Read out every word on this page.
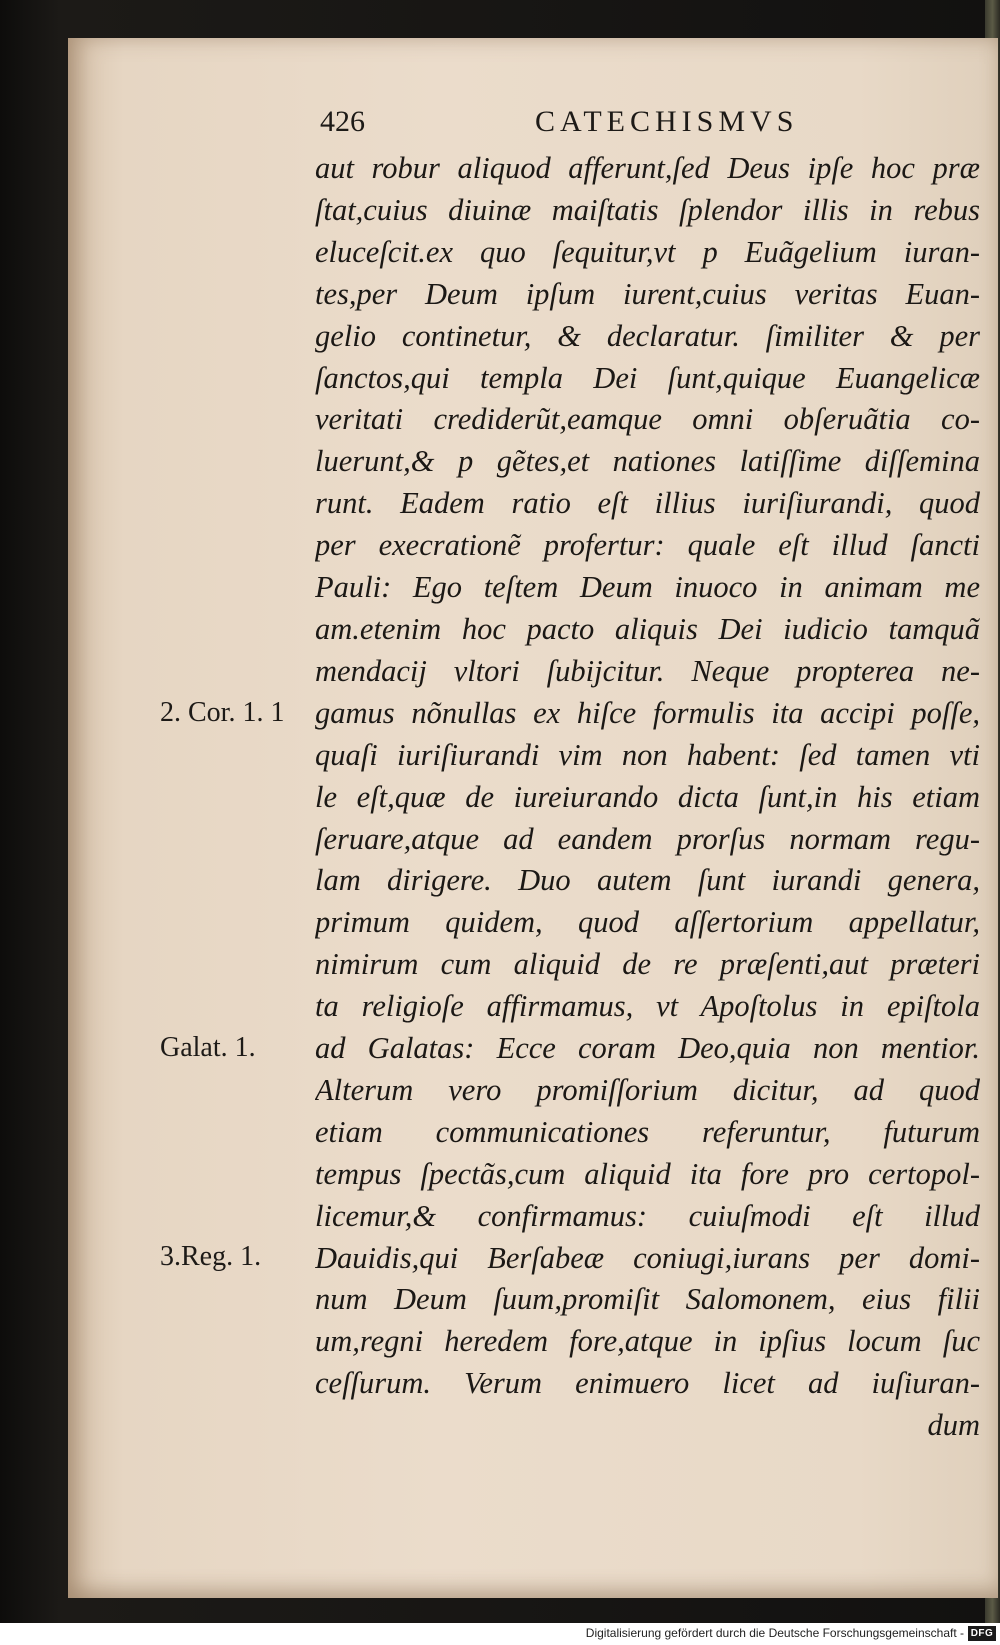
426	CATECHISMVS
aut robur aliquod afferunt,ſed Deus ipſe hoc præ
ſtat,cuius diuinæ maiſtatis ſplendor illis in rebus
eluceſcit.ex quo ſequitur,vt p Euãgelium iuran-
tes,per Deum ipſum iurent,cuius veritas Euan-
gelio continetur, & declaratur. ſimiliter & per
ſanctos,qui templa Dei ſunt,quique Euangelicæ
veritati crediderũt,eamque omni obſeruãtia co-
luerunt,& p gẽtes,et nationes latiſſime diſſemina
runt. Eadem ratio eſt illius iuriſiurandi, quod
per execrationẽ profertur: quale eſt illud ſancti
Pauli: Ego teſtem Deum inuoco in animam me
am.etenim hoc pacto aliquis Dei iudicio tamquã
mendacij vltori ſubijcitur. Neque propterea ne-
gamus nõnullas ex hiſce formulis ita accipi poſſe,
quaſi iuriſiurandi vim non habent: ſed tamen vti
le eſt,quæ de iureiurando dicta ſunt,in his etiam
ſeruare,atque ad eandem prorſus normam regu-
lam dirigere. Duo autem ſunt iurandi genera,
primum quidem, quod aſſertorium appellatur,
nimirum cum aliquid de re præſenti,aut præteri
ta religioſe affirmamus, vt Apoſtolus in epiſtola
ad Galatas: Ecce coram Deo,quia non mentior.
Alterum vero promiſſorium dicitur, ad quod
etiam communicationes referuntur, futurum
tempus ſpectãs,cum aliquid ita fore pro certopol-
licemur,& confirmamus: cuiuſmodi eſt illud
Dauidis,qui Berſabeæ coniugi,iurans per domi-
num Deum ſuum,promiſit Salomonem, eius filii
um,regni heredem fore,atque in ipſius locum ſuc
ceſſurum. Verum enimuero licet ad iuſiuran-
dum
2. Cor. 1. 1
Galat. 1.
3.Reg. 1.
Digitalisierung gefördert durch die Deutsche Forschungsgemeinschaft - DFG
